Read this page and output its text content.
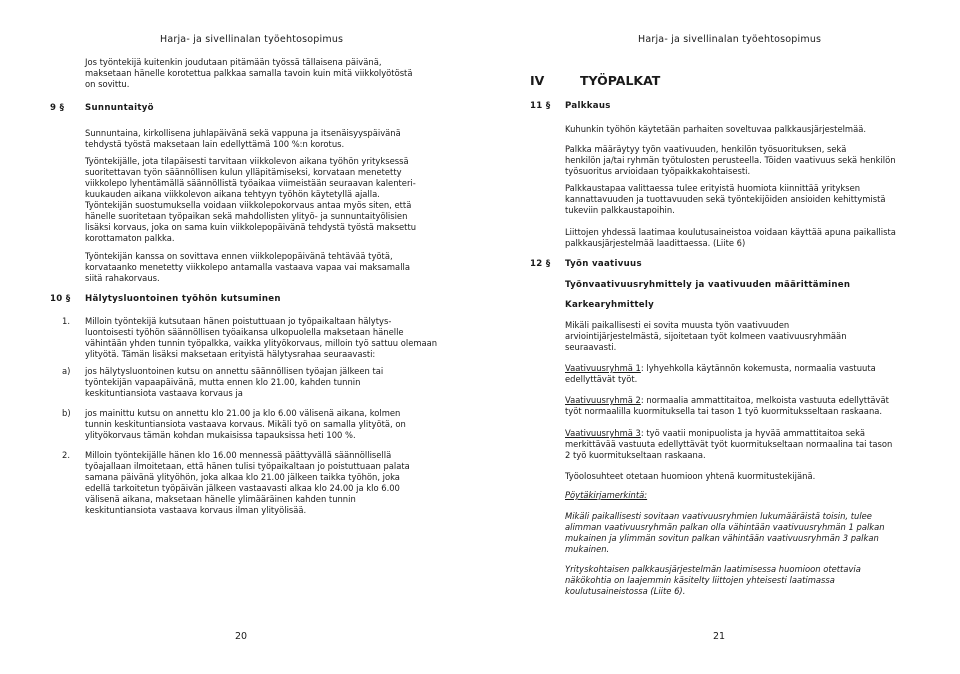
Harja- ja sivellinalan työehtosopimus
Jos työntekijä kuitenkin joudutaan pitämään työssä tällaisena päivänä,
maksetaan hänelle korotettua palkkaa samalla tavoin kuin mitä viikkolyötöstä
on sovittu.
9 § Sunnuntaityö
Sunnuntaina, kirkollisena juhlapäivänä sekä vappuna ja itsenäisyyspäivänä
tehdystä työstä maksetaan lain edellyttämä 100 %:n korotus.
Työntekijälle, jota tilapäisesti tarvitaan viikkolevon aikana työhön yrityksessä
suoritettavan työn säännöllisen kulun ylläpitämiseksi, korvataan menetetty
viikkolepo lyhentämällä säännöllistä työaikaa viimeistään seuraavan kalenteri-
kuukauden aikana viikkolevon aikana tehtyyn työhön käytetyllä ajalla.
Työntekijän suostumuksella voidaan viikkolepokorvaus antaa myös siten, että
hänelle suoritetaan työpaikan sekä mahdollisten ylityö- ja sunnuntaityölisien
lisäksi korvaus, joka on sama kuin viikkolepopäivänä tehdystä työstä maksettu
korottamaton palkka.
Työntekijän kanssa on sovittava ennen viikkolepopäivänä tehtävää työtä,
korvataanko menetetty viikkolepo antamalla vastaava vapaa vai maksamalla
siitä rahakorvaus.
10 § Hälytysluontoinen työhön kutsuminen
1. Milloin työntekijä kutsutaan hänen poistuttuaan jo työpaikaltaan hälytys-
luontoisesti työhön säännöllisen työaikansa ulkopuolella maksetaan hänelle
vähintään yhden tunnin työpalkka, vaikka ylityökorvaus, milloin työ sattuu olemaan
ylityötä. Tämän lisäksi maksetaan erityistä hälytysrahaa seuraavasti:
a) jos hälytysluontoinen kutsu on annettu säännöllisen työajan jälkeen tai
työntekijän vapaapäivänä, mutta ennen klo 21.00, kahden tunnin
keskituntiansiota vastaava korvaus ja
b) jos mainittu kutsu on annettu klo 21.00 ja klo 6.00 välisenä aikana, kolmen
tunnin keskituntiansiota vastaava korvaus. Mikäli työ on samalla ylityötä, on
ylityökorvaus tämän kohdan mukaisissa tapauksissa heti 100 %.
2. Milloin työntekijälle hänen klo 16.00 mennessä päättyvällä säännöllisellä
työajallaan ilmoitetaan, että hänen tulisi työpaikaltaan jo poistuttuaan palata
samana päivänä ylityöhön, joka alkaa klo 21.00 jälkeen taikka työhön, joka
edellä tarkoitetun työpäivän jälkeen vastaavasti alkaa klo 24.00 ja klo 6.00
välisenä aikana, maksetaan hänelle ylimääräinen kahden tunnin
keskituntiansiota vastaava korvaus ilman ylityölisää.
20
Harja- ja sivellinalan työehtosopimus
IV	TYÖPALKAT
11 § Palkkaus
Kuhunkin työhön käytetään parhaiten soveltuvaa palkkausjärjestelmää.
Palkka määräytyy työn vaativuuden, henkilön työsuorituksen, sekä
henkilön ja/tai ryhmän työtulosten perusteella. Töiden vaativuus sekä henkilön
työsuoritus arvioidaan työpaikkakohtaisesti.
Palkkaustapaa valittaessa tulee erityistä huomiota kiinnittää yrityksen
kannattavuuden ja tuottavuuden sekä työntekijöiden ansioiden kehittymistä
tukeviin palkkaustapoihin.
Liittojen yhdessä laatimaa koulutusaineistoa voidaan käyttää apuna paikallista
palkkausjärjestelmää laadittaessa. (Liite 6)
12 § Työn vaativuus
Työnvaativuusryhmittely ja vaativuuden määrittäminen
Karkearyhmittely
Mikäli paikallisesti ei sovita muusta työn vaativuuden
arviointijärjestelmästä, sijoitetaan työt kolmeen vaativuusryhmään
seuraavasti.
Vaativuusryhmä 1: lyhyehkolla käytännön kokemusta, normaalia vastuuta
edellyttävät työt.
Vaativuusryhmä 2: normaalia ammattitaitoa, melkoista vastuuta edellyttävät
työt normaalilla kuormituksella tai tason 1 työ kuormituksseltaan raskaana.
Vaativuusryhmä 3: työ vaatii monipuolista ja hyvää ammattitaitoa sekä
merkittävää vastuuta edellyttävät työt kuormitukseltaan normaalina tai tason
2 työ kuormitukseltaan raskaana.
Työolosuhteet otetaan huomioon yhtenä kuormitustekijänä.
Pöytäkirjamerkintä:
Mikäli paikallisesti sovitaan vaativuusryhmien lukumääräistä toisin, tulee
alimman vaativuusryhmän palkan olla vähintään vaativuusryhmän 1 palkan
mukainen ja ylimmän sovitun palkan vähintään vaativuusryhmän 3 palkan
mukainen.
Yrityskohtaisen palkkausjärjestelmän laatimisessa huomioon otettavia
näkökohtia on laajemmin käsitelty liittojen yhteisesti laatimassa
koulutusaineistossa (Liite 6).
21
